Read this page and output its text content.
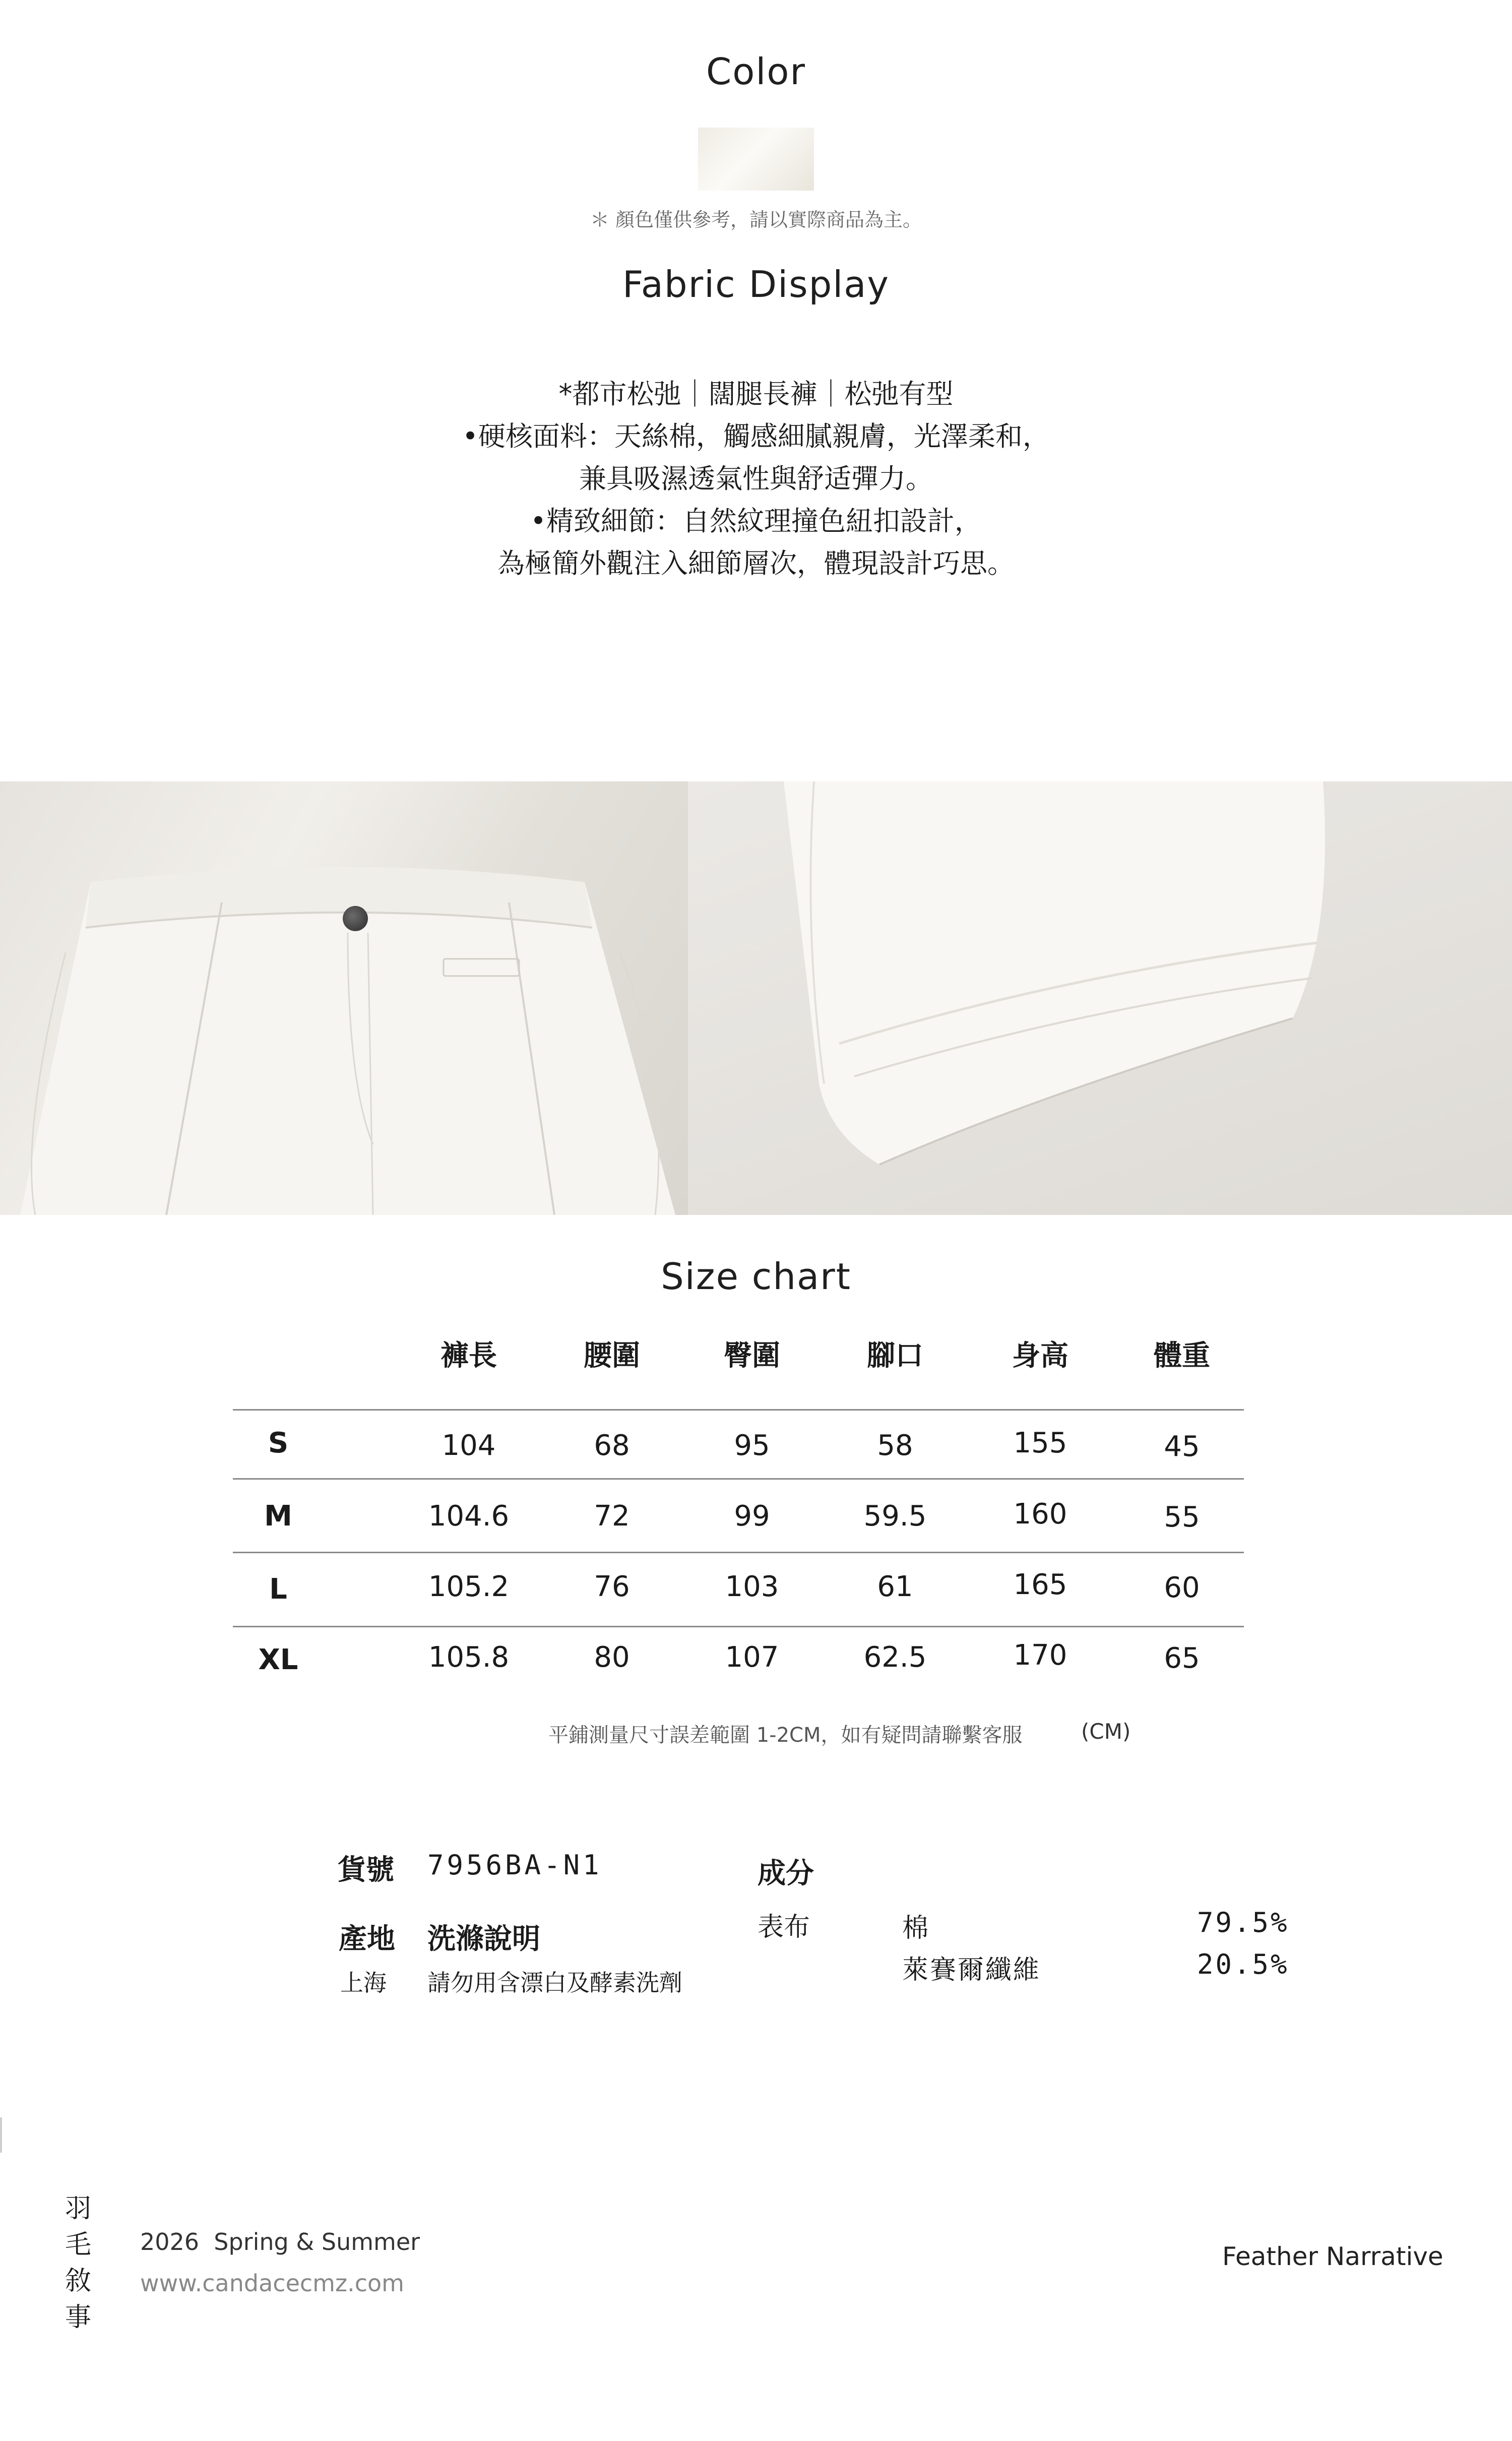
Color
＊ 顏色僅供參考，請以實際商品為主。
Fabric Display
*都市松弛｜闊腿長褲｜松弛有型
•硬核面料：天絲棉，觸感細膩親膚，光澤柔和，
兼具吸濕透氣性與舒适彈力。
•精致細節：自然紋理撞色紐扣設計，
為極簡外觀注入細節層次，體現設計巧思。
Size chart
褲長	腰圍	臀圍	腳口	身高	體重
S	104	68	95	58	155	45
M	104.6	72	99	59.5	160	55
L	105.2	76	103	61	165	60
XL	105.8	80	107	62.5	170	65
平鋪測量尺寸誤差範圍 1-2CM，如有疑問請聯繫客服	(CM)
貨號 7956BA-N1
產地 洗滌說明
上海 請勿用含漂白及酵素洗劑
成分
表布	棉	79.5%
萊賽爾纖維	20.5%
羽
毛
敘
事
2026  Spring & Summer
www.candacecmz.com
Feather Narrative
